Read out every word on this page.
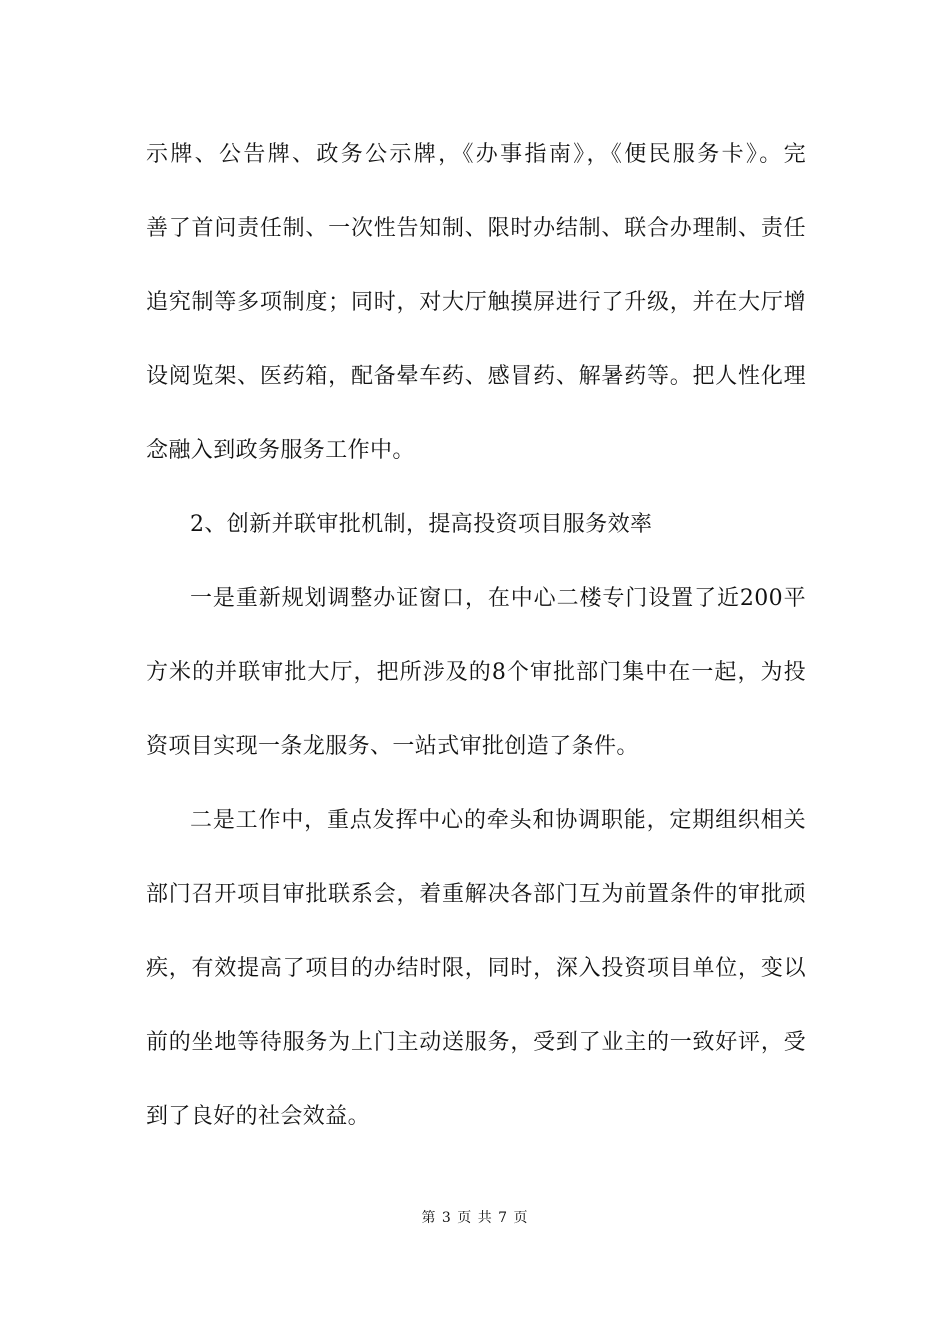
示牌、公告牌、政务公示牌，《办事指南》，《便民服务卡》。完
善了首问责任制、一次性告知制、限时办结制、联合办理制、责任
追究制等多项制度；同时，对大厅触摸屏进行了升级，并在大厅增
设阅览架、医药箱，配备晕车药、感冒药、解暑药等。把人性化理
念融入到政务服务工作中。
2、创新并联审批机制，提高投资项目服务效率
一是重新规划调整办证窗口，在中心二楼专门设置了近200平
方米的并联审批大厅，把所涉及的8个审批部门集中在一起，为投
资项目实现一条龙服务、一站式审批创造了条件。
二是工作中，重点发挥中心的牵头和协调职能，定期组织相关
部门召开项目审批联系会，着重解决各部门互为前置条件的审批顽
疾，有效提高了项目的办结时限，同时，深入投资项目单位，变以
前的坐地等待服务为上门主动送服务，受到了业主的一致好评，受
到了良好的社会效益。
第 3 页 共 7 页
